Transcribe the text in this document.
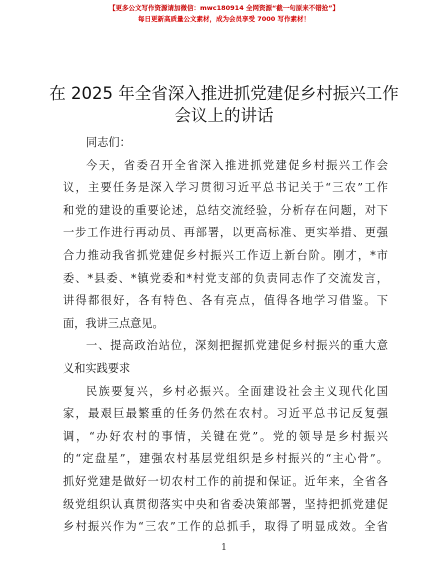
【更多公文写作资源请加微信：mwc180914 全网资源“截一句原来不错抢”】
每日更新高质量公文素材，成为会员享受 7000 写作素材！
在 2025 年全省深入推进抓党建促乡村振兴工作
会议上的讲话
同志们：
今天，省委召开全省深入推进抓党建促乡村振兴工作会
议，主要任务是深入学习贯彻习近平总书记关于“三农”工作
和党的建设的重要论述，总结交流经验，分析存在问题，对下
一步工作进行再动员、再部署，以更高标准、更实举措、更强
合力推动我省抓党建促乡村振兴工作迈上新台阶。刚才，*市
委、*县委、*镇党委和*村党支部的负责同志作了交流发言，
讲得都很好，各有特色、各有亮点，值得各地学习借鉴。下
面，我讲三点意见。
一、提高政治站位，深刻把握抓党建促乡村振兴的重大意
义和实践要求
民族要复兴，乡村必振兴。全面建设社会主义现代化国
家，最艰巨最繁重的任务仍然在农村。习近平总书记反复强
调，“办好农村的事情，关键在党”。党的领导是乡村振兴
的“定盘星”，建强农村基层党组织是乡村振兴的“主心骨”。
抓好党建是做好一切农村工作的前提和保证。近年来，全省各
级党组织认真贯彻落实中央和省委决策部署，坚持把抓党建促
乡村振兴作为“三农”工作的总抓手，取得了明显成效。全省
1
